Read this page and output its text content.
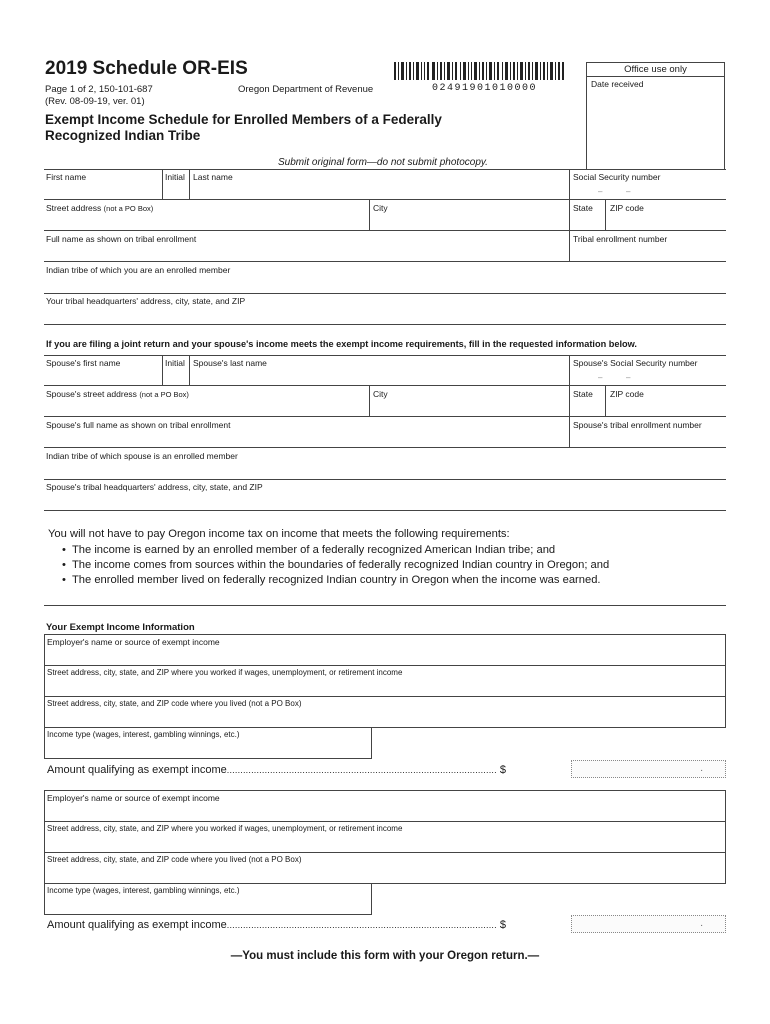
2019 Schedule OR-EIS
Page 1 of 2, 150-101-687
(Rev. 08-09-19, ver. 01)
Oregon Department of Revenue	02491901010000
Office use only
Date received
Exempt Income Schedule for Enrolled Members of a Federally
Recognized Indian Tribe
Submit original form—do not submit photocopy.
First name	Initial Last name	Social Security number
–	–
Street address (not a PO Box)	City	State ZIP code
Full name as shown on tribal enrollment	Tribal enrollment number
Indian tribe of which you are an enrolled member
Your tribal headquarters' address, city, state, and ZIP
If you are filing a joint return and your spouse's income meets the exempt income requirements, fill in the requested information below.
Spouse's first name	Initial Spouse's last name	Spouse's Social Security number
–	–
Spouse's street address (not a PO Box)	City	State ZIP code
Spouse's full name as shown on tribal enrollment	Spouse's tribal enrollment number
Indian tribe of which spouse is an enrolled member
Spouse's tribal headquarters' address, city, state, and ZIP
You will not have to pay Oregon income tax on income that meets the following requirements:
• The income is earned by an enrolled member of a federally recognized American Indian tribe; and
• The income comes from sources within the boundaries of federally recognized Indian country in Oregon; and
• The enrolled member lived on federally recognized Indian country in Oregon when the income was earned.
Your Exempt Income Information
Employer's name or source of exempt income
Street address, city, state, and ZIP where you worked if wages, unemployment, or retirement income
Street address, city, state, and ZIP code where you lived (not a PO Box)
Income type (wages, interest, gambling winnings, etc.)
Amount qualifying as exempt income.................................................................................................... $	.
Employer's name or source of exempt income
Street address, city, state, and ZIP where you worked if wages, unemployment, or retirement income
Street address, city, state, and ZIP code where you lived (not a PO Box)
Income type (wages, interest, gambling winnings, etc.)
Amount qualifying as exempt income.................................................................................................... $	.
—You must include this form with your Oregon return.—
